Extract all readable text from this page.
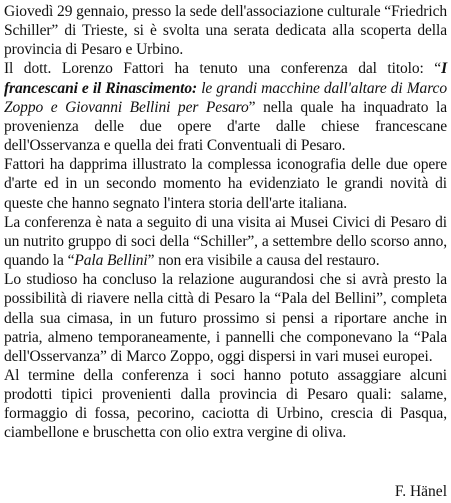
Giovedì 29 gennaio, presso la sede dell'associazione culturale “Friedrich Schiller” di Trieste, si è svolta una serata dedicata alla scoperta della provincia di Pesaro e Urbino.

Il dott. Lorenzo Fattori ha tenuto una conferenza dal titolo: “I francescani e il Rinascimento: le grandi macchine dall'altare di Marco Zoppo e Giovanni Bellini per Pesaro” nella quale ha inquadrato la provenienza delle due opere d'arte dalle chiese francescane dell'Osservanza e quella dei frati Conventuali di Pesaro.

Fattori ha dapprima illustrato la complessa iconografia delle due opere d'arte ed in un secondo momento ha evidenziato le grandi novità di queste che hanno segnato l'intera storia dell'arte italiana.

La conferenza è nata a seguito di una visita ai Musei Civici di Pesaro di un nutrito gruppo di soci della “Schiller”, a settembre dello scorso anno, quando la “Pala Bellini” non era visibile a causa del restauro.

Lo studioso ha concluso la relazione augurandosi che si avrà presto la possibilità di riavere nella città di Pesaro la “Pala del Bellini”, completa della sua cimasa, in un futuro prossimo si pensi a riportare anche in patria, almeno temporaneamente, i pannelli che componevano la “Pala dell'Osservanza” di Marco Zoppo, oggi dispersi in vari musei europei.

Al termine della conferenza i soci hanno potuto assaggiare alcuni prodotti tipici provenienti dalla provincia di Pesaro quali: salame, formaggio di fossa, pecorino, caciotta di Urbino, crescia di Pasqua, ciambellone e bruschetta con olio extra vergine di oliva.

F. Hänel
